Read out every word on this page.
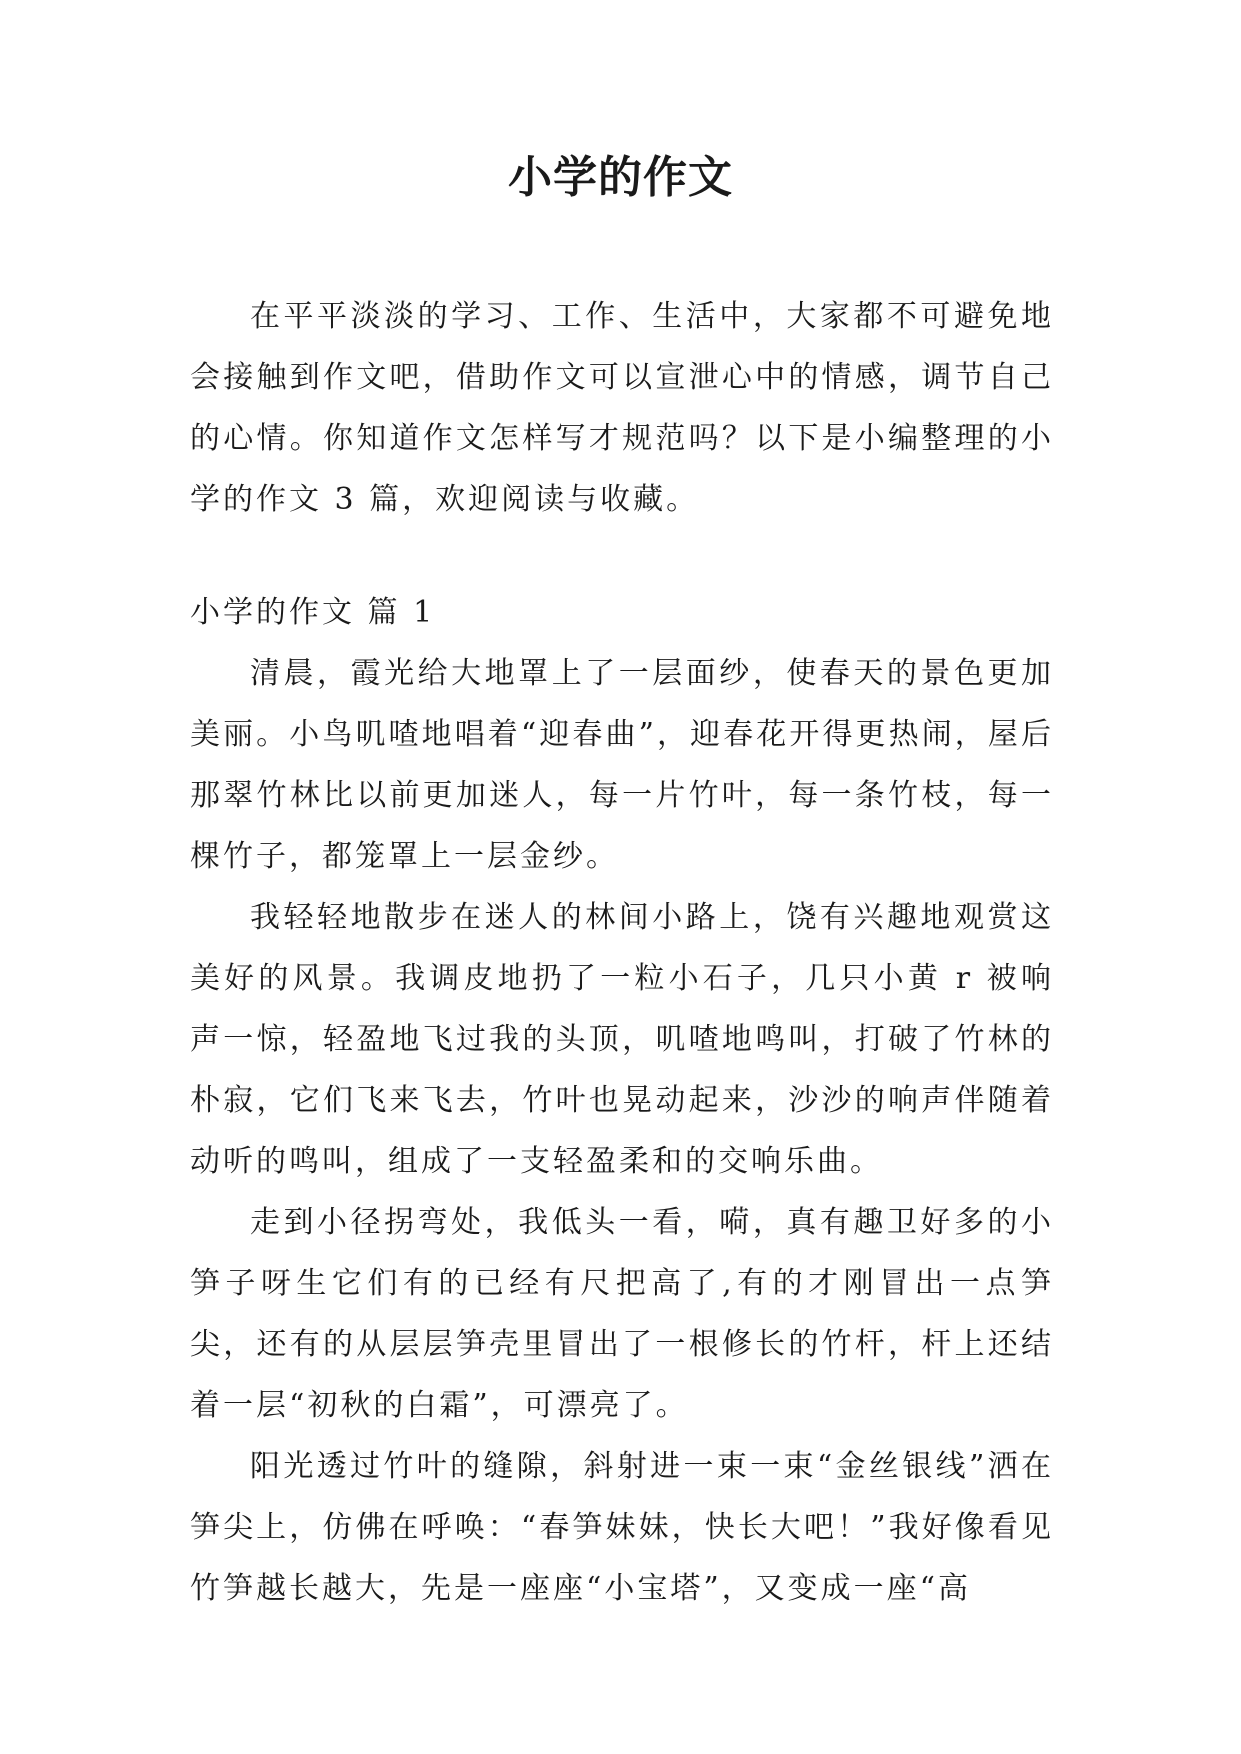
小学的作文

在平平淡淡的学习、工作、生活中，大家都不可避免地会接触到作文吧，借助作文可以宣泄心中的情感，调节自己的心情。你知道作文怎样写才规范吗？以下是小编整理的小学的作文 3 篇，欢迎阅读与收藏。

小学的作文 篇 1

清晨，霞光给大地罩上了一层面纱，使春天的景色更加美丽。小鸟叽喳地唱着“迎春曲”，迎春花开得更热闹，屋后那翠竹林比以前更加迷人，每一片竹叶，每一条竹枝，每一棵竹子，都笼罩上一层金纱。

我轻轻地散步在迷人的林间小路上，饶有兴趣地观赏这美好的风景。我调皮地扔了一粒小石子，几只小黄 r 被响声一惊，轻盈地飞过我的头顶，叽喳地鸣叫，打破了竹林的朴寂，它们飞来飞去，竹叶也晃动起来，沙沙的响声伴随着动听的鸣叫，组成了一支轻盈柔和的交响乐曲。

走到小径拐弯处，我低头一看，嗬，真有趣卫好多的小笋子呀生它们有的已经有尺把高了,有的才刚冒出一点笋尖，还有的从层层笋壳里冒出了一根修长的竹杆，杆上还结着一层“初秋的白霜”，可漂亮了。

阳光透过竹叶的缝隙，斜射进一束一束“金丝银线”洒在笋尖上，仿佛在呼唤：“春笋妹妹，快长大吧！”我好像看见竹笋越长越大，先是一座座“小宝塔”，又变成一座“高
